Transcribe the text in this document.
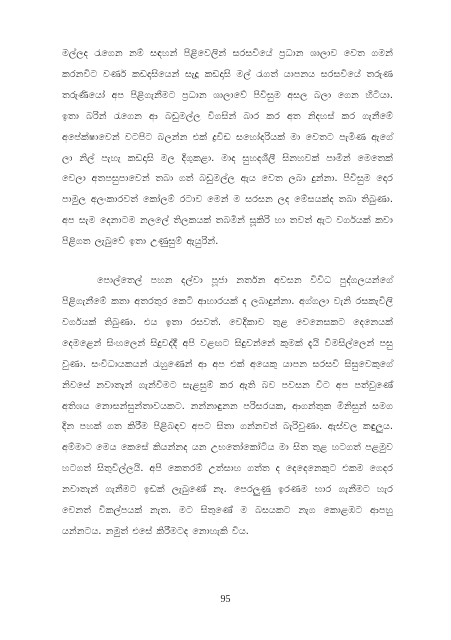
මල්ලද රැගෙන නම් සඳහන් පිළිවෙලින් සරසවියේ ප්‍රධාන ශාලාව වෙත ගමන් කරනවිට වර්ණ කඩදාසියෙන් සැදූ කඩදාසි මල් රැගත් යාපනය සරසවියේ තරුණ තරුණියෝ අප පිළිගැනීමට ප්‍රධාන ශාලාවේ පිවිසුම අසල බලා ගෙන හිටියා. ඉතා බරින් රැගෙන ආ බඩුමල්ල විගසින් බාර කර අත නිදහස් කර ගැනීමේ අපේක්ෂාවෙන් වටපිට බලන්න එක් ද්‍රවිඩ සහෝදරියක් මා වෙතට පැමිණ ඇගේ ලා නිල් පැහැ කඩදාසි මල දිගුකළා. මාද සුහදශීලී සිනහවක් පාමින් මෙතෙක් වෙලා අතපසුපාවෙන් තබා ගත් බඩුමල්ල ඇය වෙත ලබා දුන්නා. පිවිසුම දොර පාමුල අලංකාරවත් කෝලම් රටාව මෙන් ම සරසන ලද මේසයක්ද තබා තිබුණා. අප සැම දෙනාටම නලලේ තිලකයක් තබමින් සූකිරි හා තවත් ඇට වර්ගයක් කවා පිළිගත ලැබුවේ ඉතා උණුසුම් ඇයුරින්.

පොල්තෙල් පහන දල්වා පූජා නර්තන අවසන විවිධ පුද්ගලයන්ගේ පිළිගැනීමේ කතා අතරතුර කෙටි ආහාරයක් ද ලබාදුන්නා. අග්ගලා වැනි රසකැවිලි වර්ගයක් තිබුණා. එය ඉතා රසවත්. වෙදිකාව තුළ වෙනෙසකට දෙනෙයක් දෙමළෙන් සිංහලෙන් සිදුවද්දී අපි වළඟට සිදුවන්නේ කුමක් දැයි විමසිල්ලෙන් පසු වුණා. සංවිධායකයන් රැහුණෙන් ආ අප එක් අයෙකු යාපන සරසවි සිසුවෙකුගේ නිවසේ නවාතැන් ගැන්වීමට සැළසුම් කර ඇති බව පවසන විට අප පත්වුණේ අතිශය නොසන්සුන්තාවයකට. නන්නාඳුනන පරිසරයක, ආගන්තුක මිනිසුන් සමග දින පහක් ගත කිරීම පිළිබඳව අපට සිතා ගන්නවත් බැරිවුණා. ඇස්වල කඳුලුය. අම්මාට මෙය කෙසේ කියන්නද යන උභතෝකෝටිය මා සිත තුළ හටගත් පළමුව හටගත් සිතුවිල්ලයි. අපි කෙතරම් උත්සාහ ගත්ත ද දෙදෙනෙකුට එකම ගෙදර නවාතැන් ගැනීමට ඉඩක් ලැබුණේ නෑ. පෙරලුණු ඉරණම භාර ගැනීමට හැර වෙනත් විකල්පයක් නැත. මට සිතුණේ ම බසයකට නැග කොළඹට ආපහු යන්නටය. නමුත් එසේ කිරීමටද නොහැකි විය.

95
